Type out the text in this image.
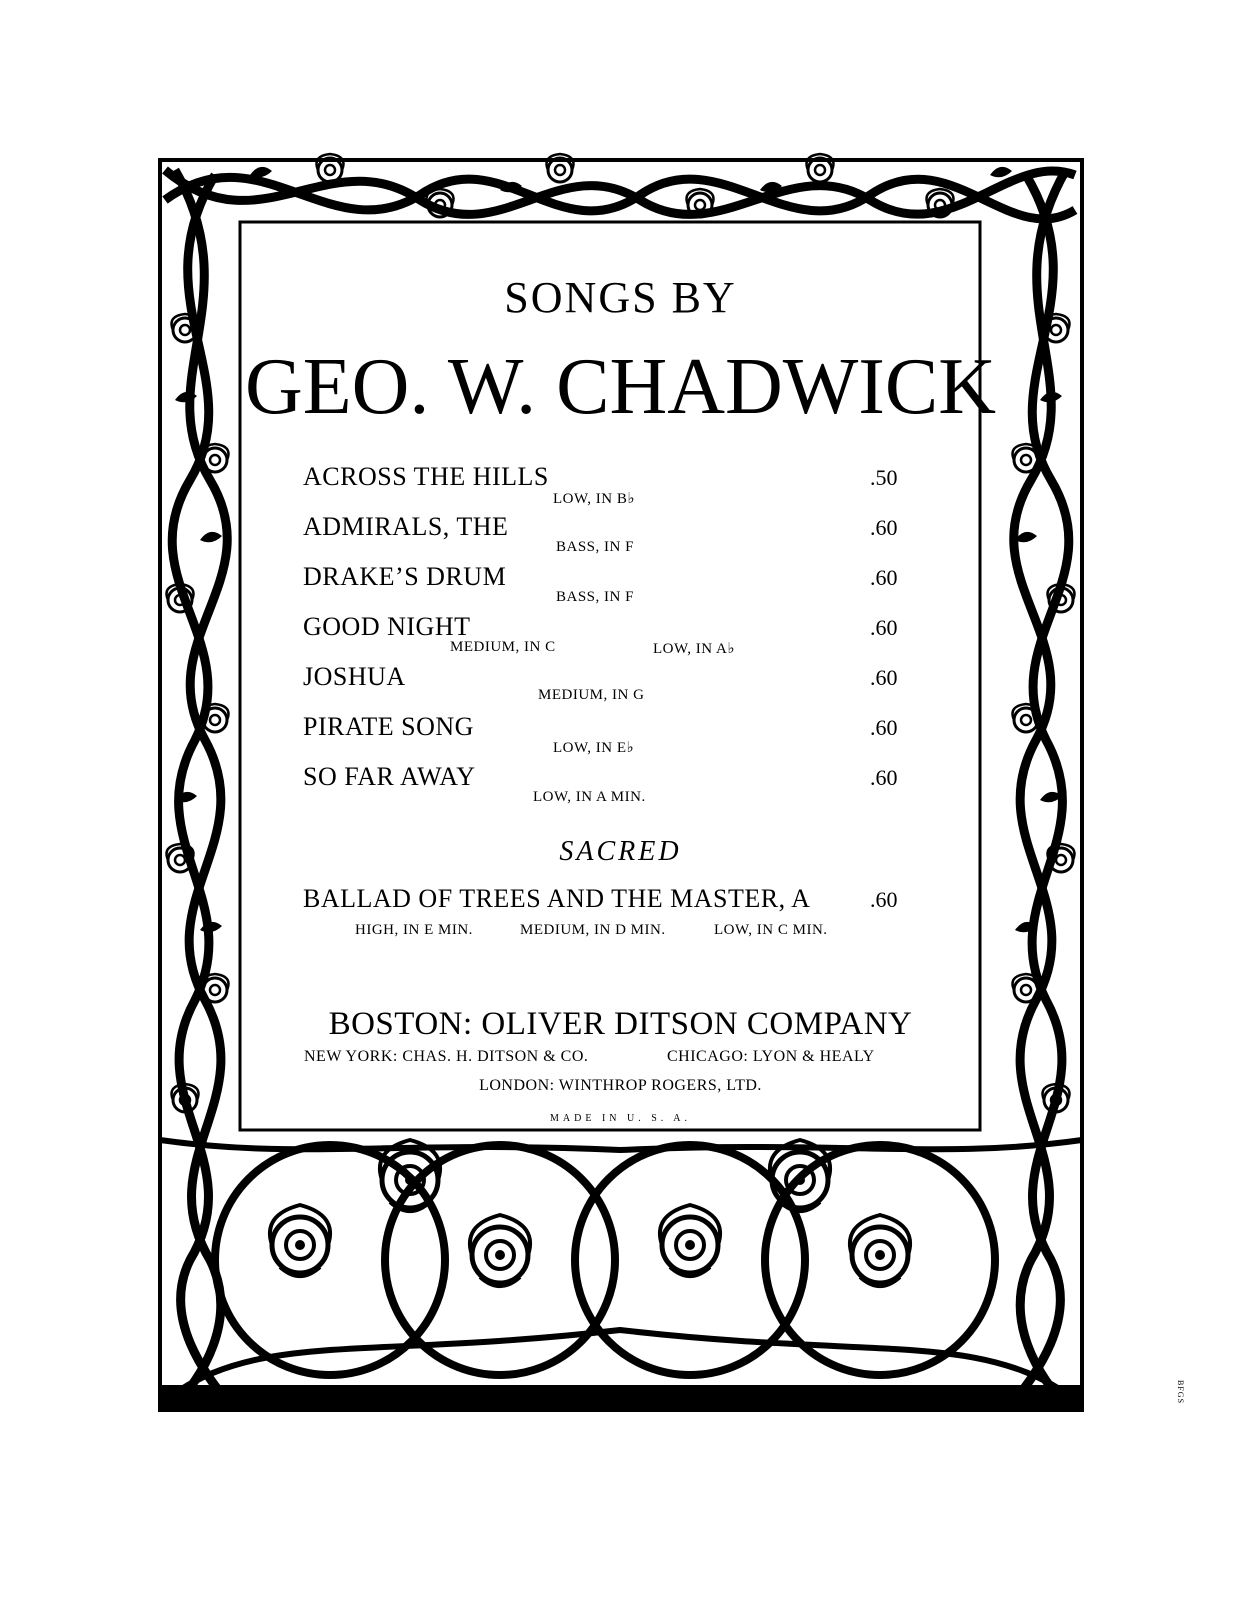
SONGS BY
GEO. W. CHADWICK
ACROSS THE HILLS	.50
LOW, IN B♭
ADMIRALS, THE	.60
BASS, IN F
DRAKE’S DRUM	.60
BASS, IN F
GOOD NIGHT	.60
MEDIUM, IN C	LOW, IN A♭
JOSHUA	.60
MEDIUM, IN G
PIRATE SONG	.60
LOW, IN E♭
SO FAR AWAY	.60
LOW, IN A MIN.
SACRED
BALLAD OF TREES AND THE MASTER, A	.60
HIGH, IN E MIN.	MEDIUM, IN D MIN.	LOW, IN C MIN.
BOSTON: OLIVER DITSON COMPANY
NEW YORK: CHAS. H. DITSON & CO.	CHICAGO: LYON & HEALY
LONDON: WINTHROP ROGERS, LTD.
MADE IN U. S. A.
BFGS
